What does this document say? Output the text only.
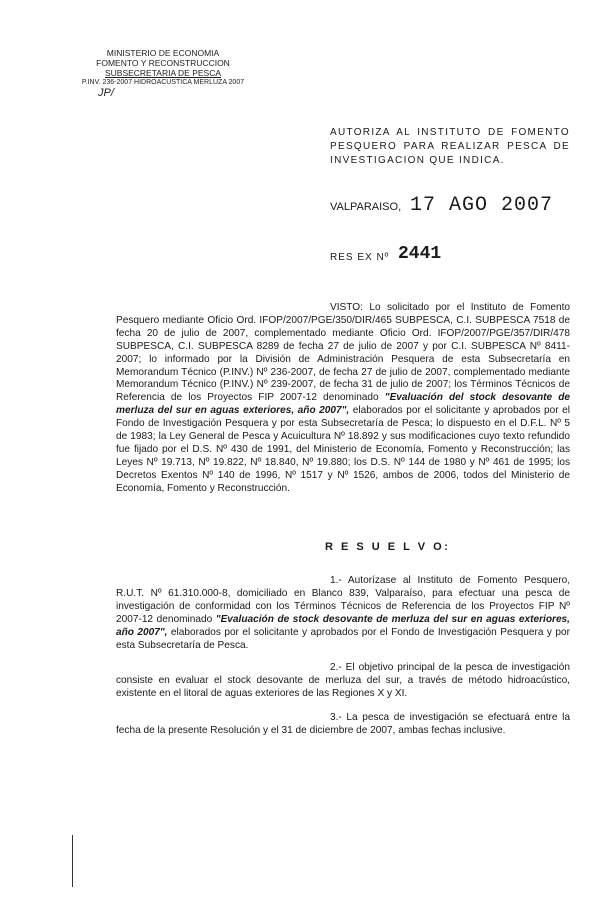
MINISTERIO DE ECONOMIA
FOMENTO Y RECONSTRUCCION
SUBSECRETARIA DE PESCA
P.INV. 236-2007 HIDROACUSTICA MERLUZA 2007
JP/
AUTORIZA AL INSTITUTO DE FOMENTO PESQUERO PARA REALIZAR PESCA DE INVESTIGACION QUE INDICA.
VALPARAISO, 17 AGO 2007
RES EX Nº 2441

VISTO: Lo solicitado por el Instituto de Fomento Pesquero mediante Oficio Ord. IFOP/2007/PGE/350/DIR/465 SUBPESCA, C.I. SUBPESCA 7518 de fecha 20 de julio de 2007, complementado mediante Oficio Ord. IFOP/2007/PGE/357/DIR/478 SUBPESCA, C.I. SUBPESCA 8289 de fecha 27 de julio de 2007 y por C.I. SUBPESCA Nº 8411-2007; lo informado por la División de Administración Pesquera de esta Subsecretaría en Memorandum Técnico (P.INV.) Nº 236-2007, de fecha 27 de julio de 2007, complementado mediante Memorandum Técnico (P.INV.) Nº 239-2007, de fecha 31 de julio de 2007; los Términos Técnicos de Referencia de los Proyectos FIP 2007-12 denominado "Evaluación del stock desovante de merluza del sur en aguas exteriores, año 2007", elaborados por el solicitante y aprobados por el Fondo de Investigación Pesquera y por esta Subsecretaría de Pesca; lo dispuesto en el D.F.L. Nº 5 de 1983; la Ley General de Pesca y Acuicultura Nº 18.892 y sus modificaciones cuyo texto refundido fue fijado por el D.S. Nº 430 de 1991, del Ministerio de Economía, Fomento y Reconstrucción; las Leyes Nº 19.713, Nº 19.822, Nº 18.840, Nº 19.880; los D.S. Nº 144 de 1980 y Nº 461 de 1995; los Decretos Exentos Nº 140 de 1996, Nº 1517 y Nº 1526, ambos de 2006, todos del Ministerio de Economía, Fomento y Reconstrucción.

R E S U E L V O:

1.- Autorízase al Instituto de Fomento Pesquero, R.U.T. Nº 61.310.000-8, domiciliado en Blanco 839, Valparaíso, para efectuar una pesca de investigación de conformidad con los Términos Técnicos de Referencia de los Proyectos FIP Nº 2007-12 denominado "Evaluación de stock desovante de merluza del sur en aguas exteriores, año 2007", elaborados por el solicitante y aprobados por el Fondo de Investigación Pesquera y por esta Subsecretaría de Pesca.

2.- El objetivo principal de la pesca de investigación consiste en evaluar el stock desovante de merluza del sur, a través de método hidroacústico, existente en el litoral de aguas exteriores de las Regiones X y XI.

3.- La pesca de investigación se efectuará entre la fecha de la presente Resolución y el 31 de diciembre de 2007, ambas fechas inclusive.
